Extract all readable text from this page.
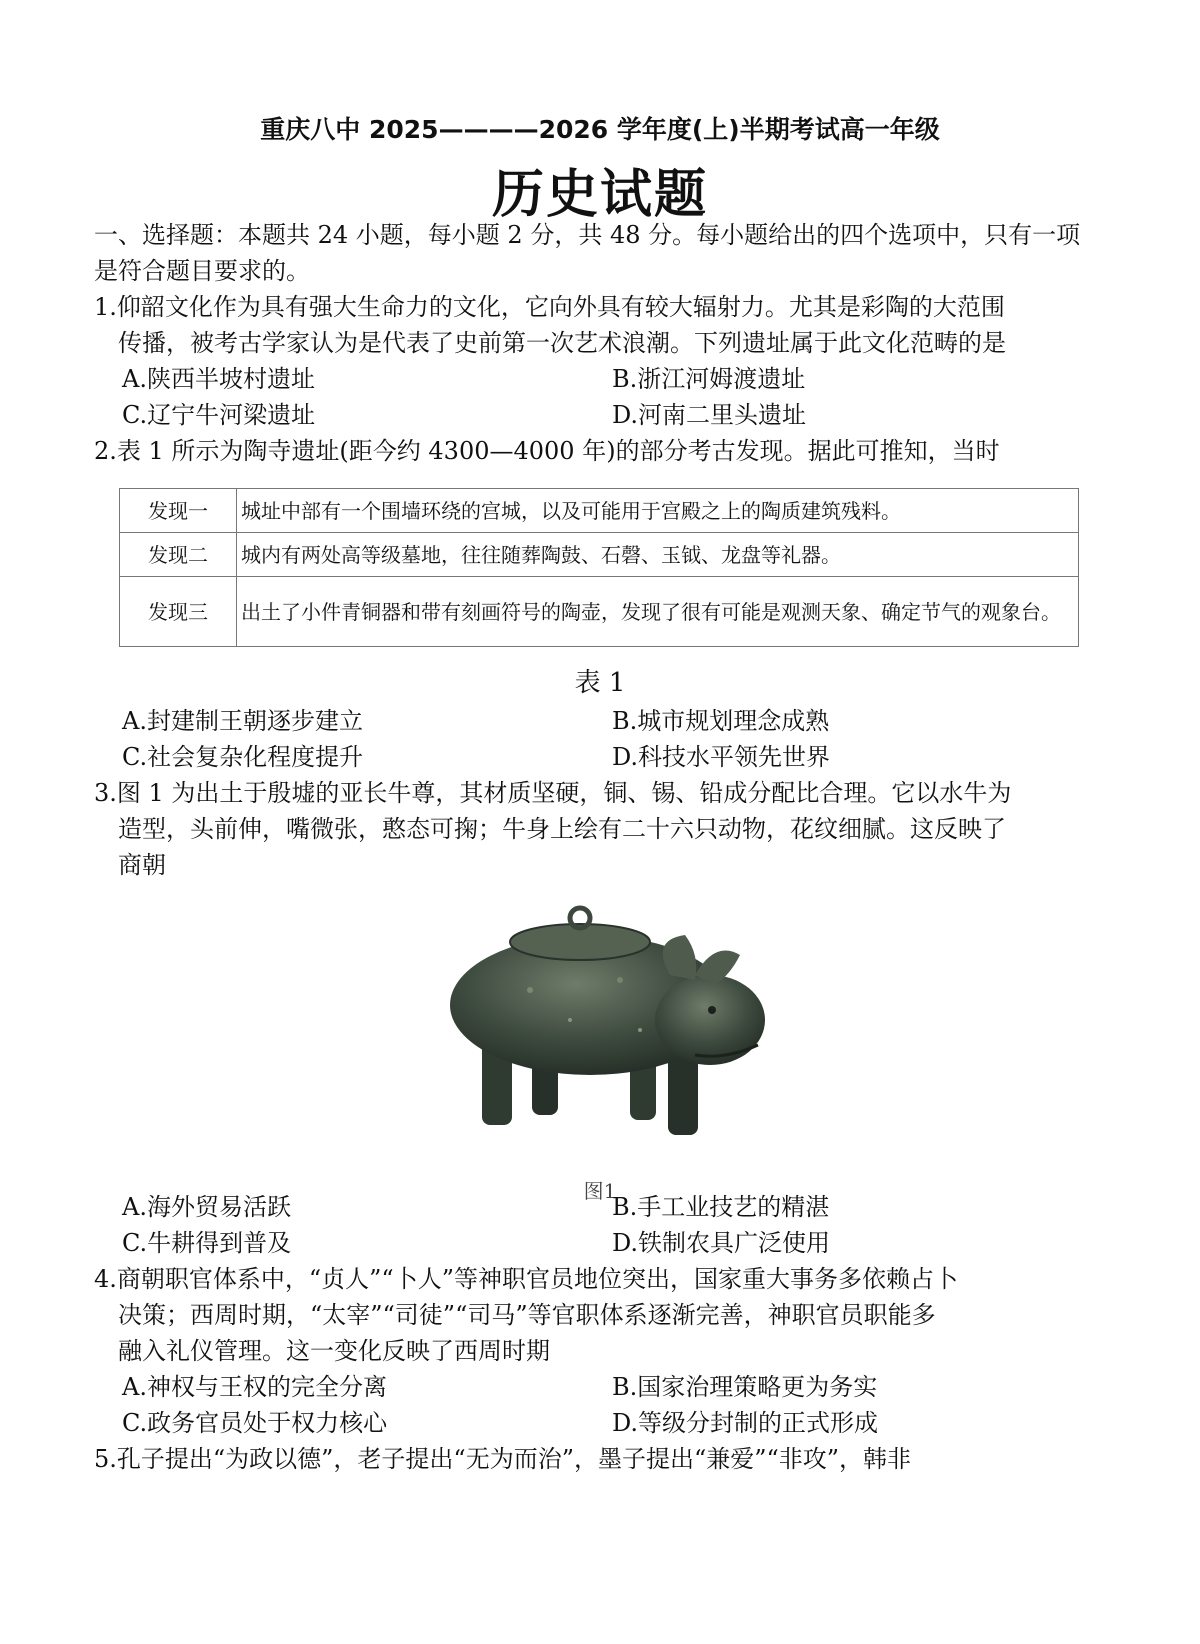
重庆八中 2025————2026 学年度(上)半期考试高一年级
历史试题
一、选择题：本题共 24 小题，每小题 2 分，共 48 分。每小题给出的四个选项中，只有一项
是符合题目要求的。
1.仰韶文化作为具有强大生命力的文化，它向外具有较大辐射力。尤其是彩陶的大范围
传播，被考古学家认为是代表了史前第一次艺术浪潮。下列遗址属于此文化范畴的是
A.陕西半坡村遗址	B.浙江河姆渡遗址
C.辽宁牛河梁遗址	D.河南二里头遗址
2.表 1 所示为陶寺遗址(距今约 4300—4000 年)的部分考古发现。据此可推知，当时
发现一	城址中部有一个围墙环绕的宫城，以及可能用于宫殿之上的陶质建筑残料。
发现二	城内有两处高等级墓地，往往随葬陶鼓、石磬、玉钺、龙盘等礼器。
发现三	出土了小件青铜器和带有刻画符号的陶壶，发现了很有可能是观测天象、确定节气的观象台。
表 1
A.封建制王朝逐步建立	B.城市规划理念成熟
C.社会复杂化程度提升	D.科技水平领先世界
3.图 1 为出土于殷墟的亚长牛尊，其材质坚硬，铜、锡、铅成分配比合理。它以水牛为
造型，头前伸，嘴微张，憨态可掬；牛身上绘有二十六只动物，花纹细腻。这反映了
商朝
图1
A.海外贸易活跃	B.手工业技艺的精湛
C.牛耕得到普及	D.铁制农具广泛使用
4.商朝职官体系中，“贞人”“卜人”等神职官员地位突出，国家重大事务多依赖占卜
决策；西周时期，“太宰”“司徒”“司马”等官职体系逐渐完善，神职官员职能多
融入礼仪管理。这一变化反映了西周时期
A.神权与王权的完全分离	B.国家治理策略更为务实
C.政务官员处于权力核心	D.等级分封制的正式形成
5.孔子提出“为政以德”，老子提出“无为而治”，墨子提出“兼爱”“非攻”，韩非
